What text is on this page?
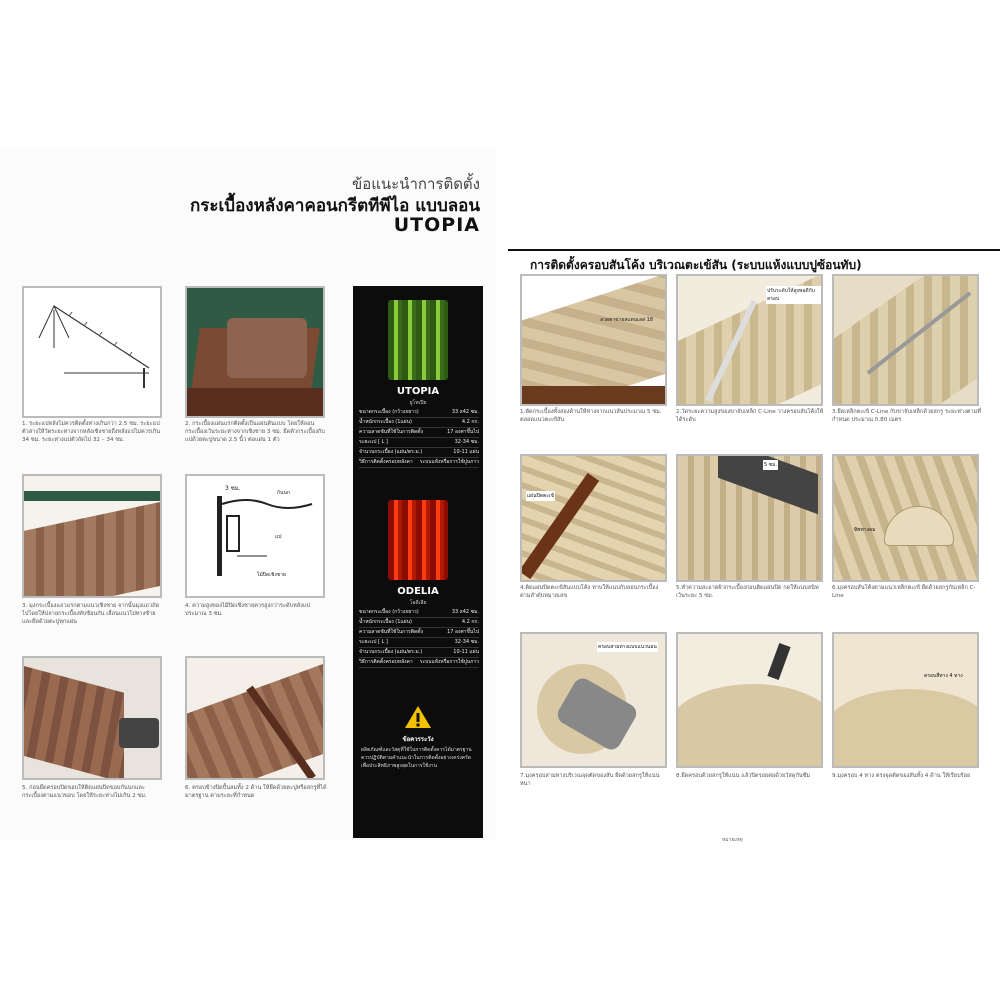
ข้อแนะนำการติดตั้ง
กระเบื้องหลังคาคอนกรีตทีพีไอ แบบลอน
UTOPIA
1. ระยะแปหลังไม่ควรติดตั้งห่างเกินกว่า 2.5 ซม. ระยะแปตัวล่างให้วัดระยะห่างจากหลังเชิงชายถึงหลังแปไม่ควรเกิน 34 ซม. ระยะห่างแปตัวถัดไป 32 – 34 ซม.
2. กระเบื้องแผ่นแรกติดตั้งเป็นแผ่นต้นแบบ โดยให้ลอนกระเบื้องเว้นระยะห่างจากเชิงชาย 3 ซม. ยึดตัวกระเบื้องกับแปด้วยตะปูขนาด 2.5 นิ้ว ต่อแผ่น 1 ตัว
3. มุงกระเบื้องแถวแรกตามแนวเชิงชาย จากนั้นมุงแถวถัดไปโดยให้ปลายกระเบื้องทับซ้อนกัน เลื่อนแนวไปทางซ้าย และยึดด้วยตะปูทุกแผ่น
3 ซม.
ไม้ปิดเชิงชาย
แป
กันนก
4. ความสูงของไม้ปิดเชิงชายควรสูงกว่าระดับหลังแปประมาณ 3 ซม.
5. ก่อนยึดครอบปิดขอบให้ติดแผ่นปิดขอบกันนกและกระเบื้องตามแนวขอบ โดยให้ระยะห่างไม่เกิน 2 ซม.
6. ครอบข้างปิดปั้นลมทั้ง 2 ด้าน ให้ยึดด้วยตะปูหรือสกรูที่ได้มาตรฐาน ตามระยะที่กำหนด
UTOPIA
ยูโทเปีย
ขนาดกระเบื้อง (กว้างxยาว)	33 x42 ซม.
น้ำหนักกระเบื้อง (1แผ่น)	4.2 กก.
ความลาดชันที่ใช้ในการติดตั้ง	17 องศาขึ้นไป
ระยะแป [ L ]	32-34 ซม.
จำนวนกระเบื้อง (แผ่น/ตร.ม.)	10-11 แผ่น
วิธีการติดตั้งครอบหลังคา ระบบแห้งหรือการใช้ปูนกาว
ODELIA
โอดีเลีย
ขนาดกระเบื้อง (กว้างxยาว)	33 x42 ซม.
น้ำหนักกระเบื้อง (1แผ่น)	4.2 กก.
ความลาดชันที่ใช้ในการติดตั้ง	17 องศาขึ้นไป
ระยะแป [ L ]	32-34 ซม.
จำนวนกระเบื้อง (แผ่น/ตร.ม.)	10-11 แผ่น
วิธีการติดตั้งครอบหลังคา ระบบแห้งหรือการใช้ปูนกาว
ข้อควรระวัง
ผลิตภัณฑ์และวัสดุที่ใช้ในการติดตั้งควรได้มาตรฐาน ควรปฏิบัติตามคำแนะนำในการติดตั้งอย่างเคร่งครัด เพื่อประสิทธิภาพสูงสุดในการใช้งาน
การติดตั้งครอบสันโค้ง บริเวณตะเข้สัน (ระบบแห้งแบบปูซ้อนทับ)
ลวดตาข่ายสแตนเลส 18
1.ตัดกระเบื้องทั้งสองด้านให้ห่างจากแนวสันประมาณ 5 ซม. ตลอดแนวตะเข้สัน
ปรับระดับให้สูงพอดีกับครอบ
2.วัดระยะความสูงของขาจับเหล็ก C-Line วางครอบสันโค้งให้ได้ระดับ
3.ยึดเหล็กตะเข้ C-Line กับขาจับเหล็กด้วยสกรู ระยะห่างตามที่กำหนด ประมาณ 0.80 เมตร
แผ่นปิดตะเข้
4.ติดแผ่นปิดตะเข้สันแบบโค้ง ทาบให้แนบกับลอนกระเบื้อง ตามลำดับหมายเลข
5 ซม.
5.ทำความสะอาดผิวกระเบื้องก่อนติดแผ่นปิด กดให้แนบสนิท เว้นระยะ 5 ซม.
ทิศทางลม
6.มุงครอบสันโค้งตามแนวเหล็กตะเข้ ยึดด้วยสกรูกับเหล็ก C-Line
ครอบสามทางแบบแนวนอน
7.มุงครอบสามทางบริเวณจุดตัดของสัน ยึดด้วยสกรูให้แน่นหนา
8.ยึดครอบด้วยสกรูให้แน่น แล้วปิดรอยต่อด้วยวัสดุกันซึม
ครอบสี่ทาง 4 ทาง
9.มุงครอบ 4 ทาง ตรงจุดตัดของสันทั้ง 4 ด้าน ให้เรียบร้อย
หมายเหตุ
